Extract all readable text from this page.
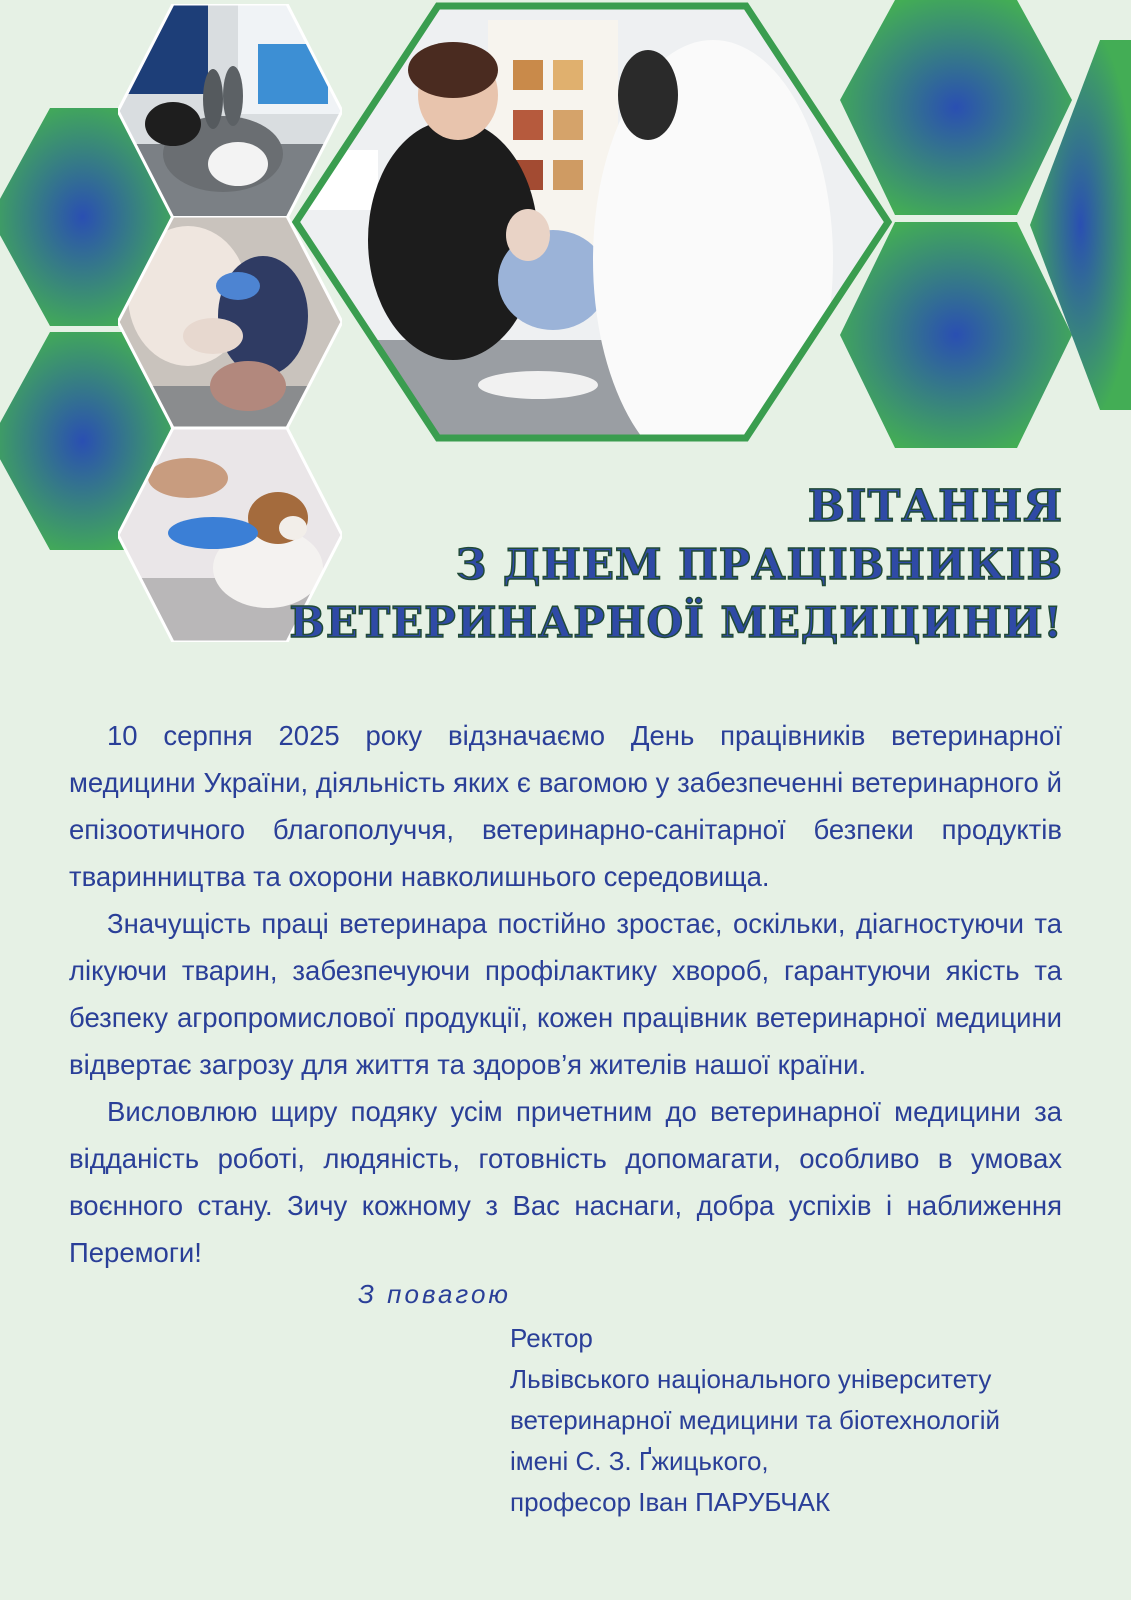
ВІТАННЯ
З ДНЕМ ПРАЦІВНИКІВ
ВЕТЕРИНАРНОЇ МЕДИЦИНИ!

10 серпня 2025 року відзначаємо День працівників ветеринарної медицини України, діяльність яких є вагомою у забезпеченні ветеринарного й епізоотичного благополуччя, ветеринарно-санітарної безпеки продуктів тваринництва та охорони навколишнього середовища.

Значущість праці ветеринара постійно зростає, оскільки, діагностуючи та лікуючи тварин, забезпечуючи профілактику хвороб, гарантуючи якість та безпеку агропромислової продукції, кожен працівник ветеринарної медицини відвертає загрозу для життя та здоров’я жителів нашої країни.

Висловлюю щиру подяку усім причетним до ветеринарної медицини за відданість роботі, людяність, готовність допомагати, особливо в умовах воєнного стану. Зичу кожному з Вас наснаги, добра успіхів і наближення Перемоги!

З повагою
Ректор
Львівського національного університету
ветеринарної медицини та біотехнологій
імені С. З. Ґжицького,
професор Іван ПАРУБЧАК
